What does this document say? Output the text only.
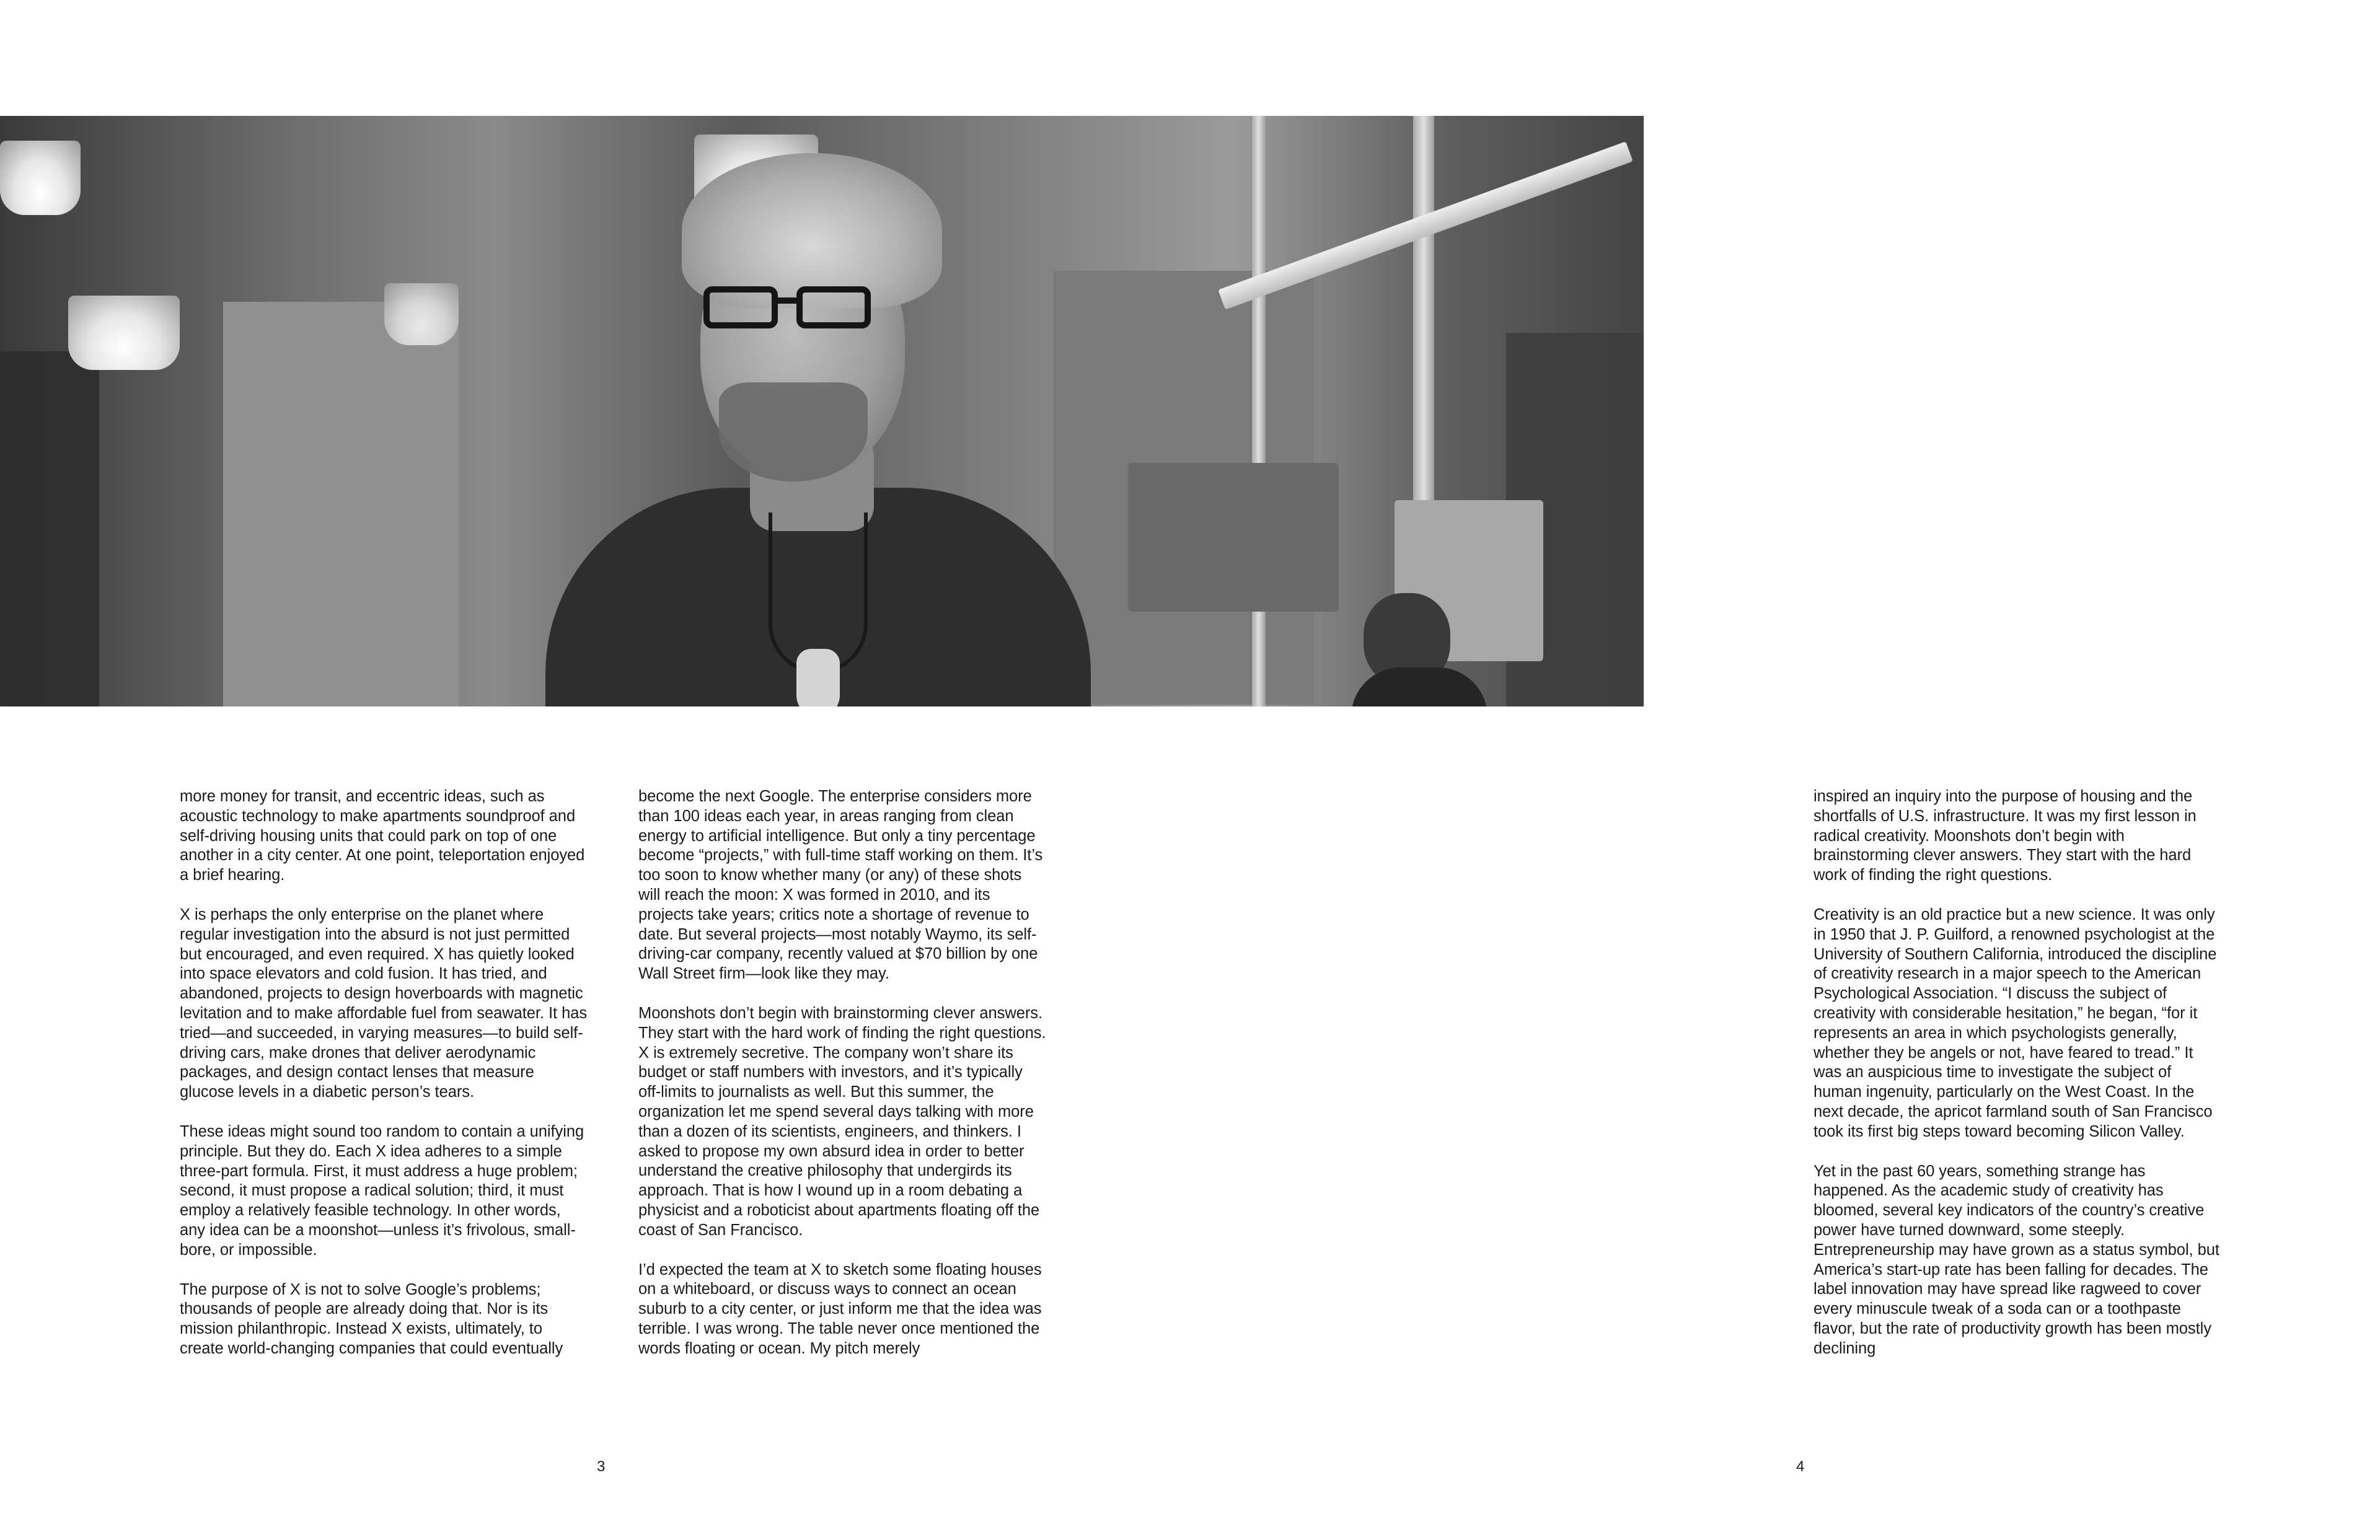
more money for transit, and eccentric ideas, such as acoustic technology to make apartments soundproof and self-driving housing units that could park on top of one another in a city center. At one point, teleportation enjoyed a brief hearing.

X is perhaps the only enterprise on the planet where regular investigation into the absurd is not just permitted but encouraged, and even required. X has quietly looked into space elevators and cold fusion. It has tried, and abandoned, projects to design hoverboards with magnetic levitation and to make affordable fuel from seawater. It has tried—and succeeded, in varying measures—to build self-driving cars, make drones that deliver aerodynamic packages, and design contact lenses that measure glucose levels in a diabetic person’s tears.

These ideas might sound too random to contain a unifying principle. But they do. Each X idea adheres to a simple three-part formula. First, it must address a huge problem; second, it must propose a radical solution; third, it must employ a relatively feasible technology. In other words, any idea can be a moonshot—unless it’s frivolous, small-bore, or impossible.

The purpose of X is not to solve Google’s problems; thousands of people are already doing that. Nor is its mission philanthropic. Instead X exists, ultimately, to create world-changing companies that could eventually

become the next Google. The enterprise considers more than 100 ideas each year, in areas ranging from clean energy to artificial intelligence. But only a tiny percentage become “projects,” with full-time staff working on them. It’s too soon to know whether many (or any) of these shots will reach the moon: X was formed in 2010, and its projects take years; critics note a shortage of revenue to date. But several projects—most notably Waymo, its self-driving-car company, recently valued at $70 billion by one Wall Street firm—look like they may.

Moonshots don’t begin with brainstorming clever answers. They start with the hard work of finding the right questions. X is extremely secretive. The company won’t share its budget or staff numbers with investors, and it’s typically off-limits to journalists as well. But this summer, the organization let me spend several days talking with more than a dozen of its scientists, engineers, and thinkers. I asked to propose my own absurd idea in order to better understand the creative philosophy that undergirds its approach. That is how I wound up in a room debating a physicist and a roboticist about apartments floating off the coast of San Francisco.

I’d expected the team at X to sketch some floating houses on a whiteboard, or discuss ways to connect an ocean suburb to a city center, or just inform me that the idea was terrible. I was wrong. The table never once mentioned the words floating or ocean. My pitch merely

inspired an inquiry into the purpose of housing and the shortfalls of U.S. infrastructure. It was my first lesson in radical creativity. Moonshots don’t begin with brainstorming clever answers. They start with the hard work of finding the right questions.

Creativity is an old practice but a new science. It was only in 1950 that J. P. Guilford, a renowned psychologist at the University of Southern California, introduced the discipline of creativity research in a major speech to the American Psychological Association. “I discuss the subject of creativity with considerable hesitation,” he began, “for it represents an area in which psychologists generally, whether they be angels or not, have feared to tread.” It was an auspicious time to investigate the subject of human ingenuity, particularly on the West Coast. In the next decade, the apricot farmland south of San Francisco took its first big steps toward becoming Silicon Valley.

Yet in the past 60 years, something strange has happened. As the academic study of creativity has bloomed, several key indicators of the country’s creative power have turned downward, some steeply. Entrepreneurship may have grown as a status symbol, but America’s start-up rate has been falling for decades. The label innovation may have spread like ragweed to cover every minuscule tweak of a soda can or a toothpaste flavor, but the rate of productivity growth has been mostly declining

3	4
